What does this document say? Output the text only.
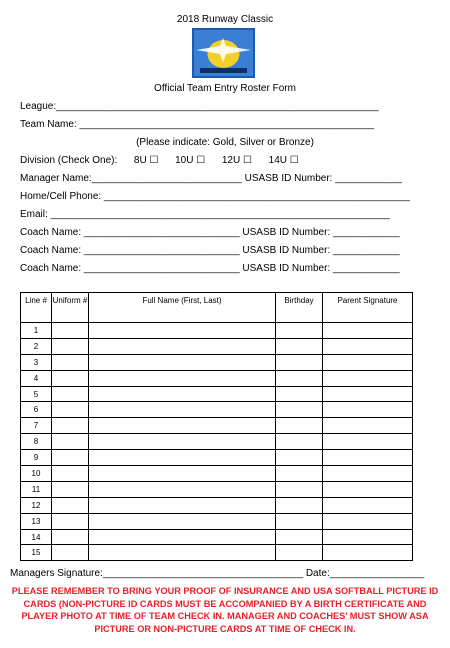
2018 Runway Classic
Official Team Entry Roster Form
League:__________________________________________________________
Team Name: _____________________________________________________
(Please indicate: Gold, Silver or Bronze)
Division (Check One):      8U ☐      10U ☐      12U ☐      14U ☐
Manager Name:___________________________ USASB ID Number: ____________
Home/Cell Phone: _______________________________________________________
Email: _____________________________________________________________
Coach Name: ____________________________ USASB ID Number: ____________
Coach Name: ____________________________ USASB ID Number: ____________
Coach Name: ____________________________ USASB ID Number: ____________
Line #	Uniform #	Full Name (First, Last)	Birthday	Parent Signature
1				
2				
3				
4				
5				
6				
7				
8				
9				
10				
11				
12				
13				
14				
15				
Managers Signature:____________________________________ Date:_________________
PLEASE REMEMBER TO BRING YOUR PROOF OF INSURANCE AND USA SOFTBALL PICTURE ID CARDS (NON-PICTURE ID CARDS MUST BE ACCOMPANIED BY A BIRTH CERTIFICATE AND PLAYER PHOTO AT TIME OF TEAM CHECK IN. MANAGER AND COACHES’ MUST SHOW ASA PICTURE OR NON-PICTURE CARDS AT TIME OF CHECK IN.
